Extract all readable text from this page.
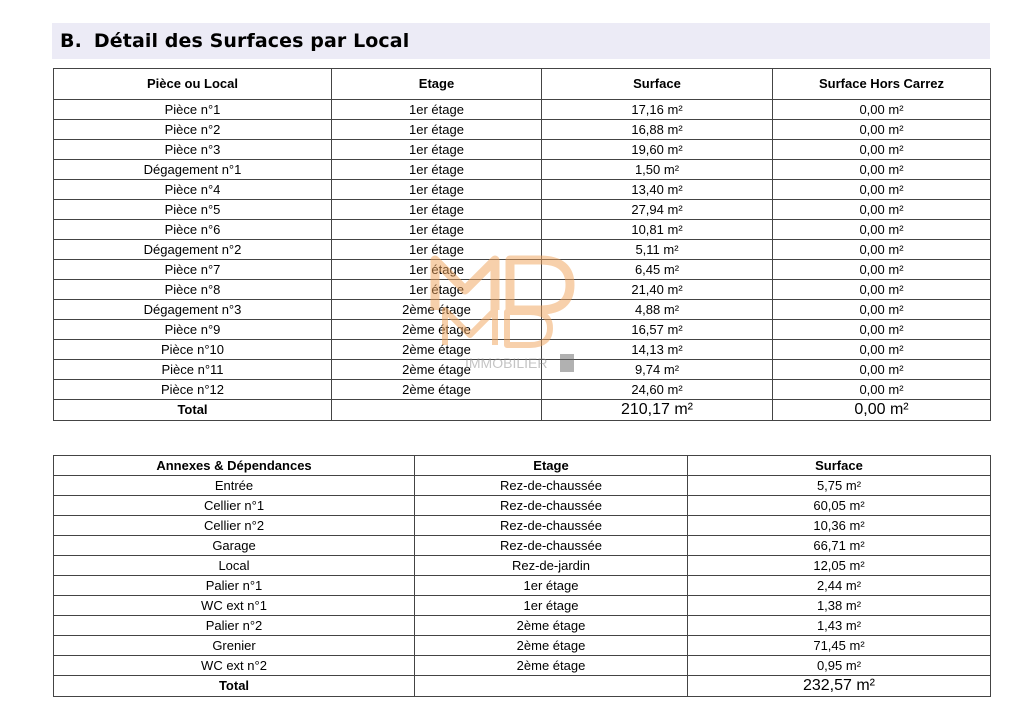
B. Détail des Surfaces par Local
Pièce ou Local	Etage	Surface	Surface Hors Carrez
Pièce n°1	1er étage	17,16 m²	0,00 m²
Pièce n°2	1er étage	16,88 m²	0,00 m²
Pièce n°3	1er étage	19,60 m²	0,00 m²
Dégagement n°1	1er étage	1,50 m²	0,00 m²
Pièce n°4	1er étage	13,40 m²	0,00 m²
Pièce n°5	1er étage	27,94 m²	0,00 m²
Pièce n°6	1er étage	10,81 m²	0,00 m²
Dégagement n°2	1er étage	5,11 m²	0,00 m²
Pièce n°7	1er étage	6,45 m²	0,00 m²
Pièce n°8	1er étage	21,40 m²	0,00 m²
Dégagement n°3	2ème étage	4,88 m²	0,00 m²
Pièce n°9	2ème étage	16,57 m²	0,00 m²
Pièce n°10	2ème étage	14,13 m²	0,00 m²
Pièce n°11	2ème étage	9,74 m²	0,00 m²
Pièce n°12	2ème étage	24,60 m²	0,00 m²
Total		210,17 m²	0,00 m²
Annexes & Dépendances	Etage	Surface
Entrée	Rez-de-chaussée	5,75 m²
Cellier n°1	Rez-de-chaussée	60,05 m²
Cellier n°2	Rez-de-chaussée	10,36 m²
Garage	Rez-de-chaussée	66,71 m²
Local	Rez-de-jardin	12,05 m²
Palier n°1	1er étage	2,44 m²
WC ext n°1	1er étage	1,38 m²
Palier n°2	2ème étage	1,43 m²
Grenier	2ème étage	71,45 m²
WC ext n°2	2ème étage	0,95 m²
Total		232,57 m²
IMMOBILIER
